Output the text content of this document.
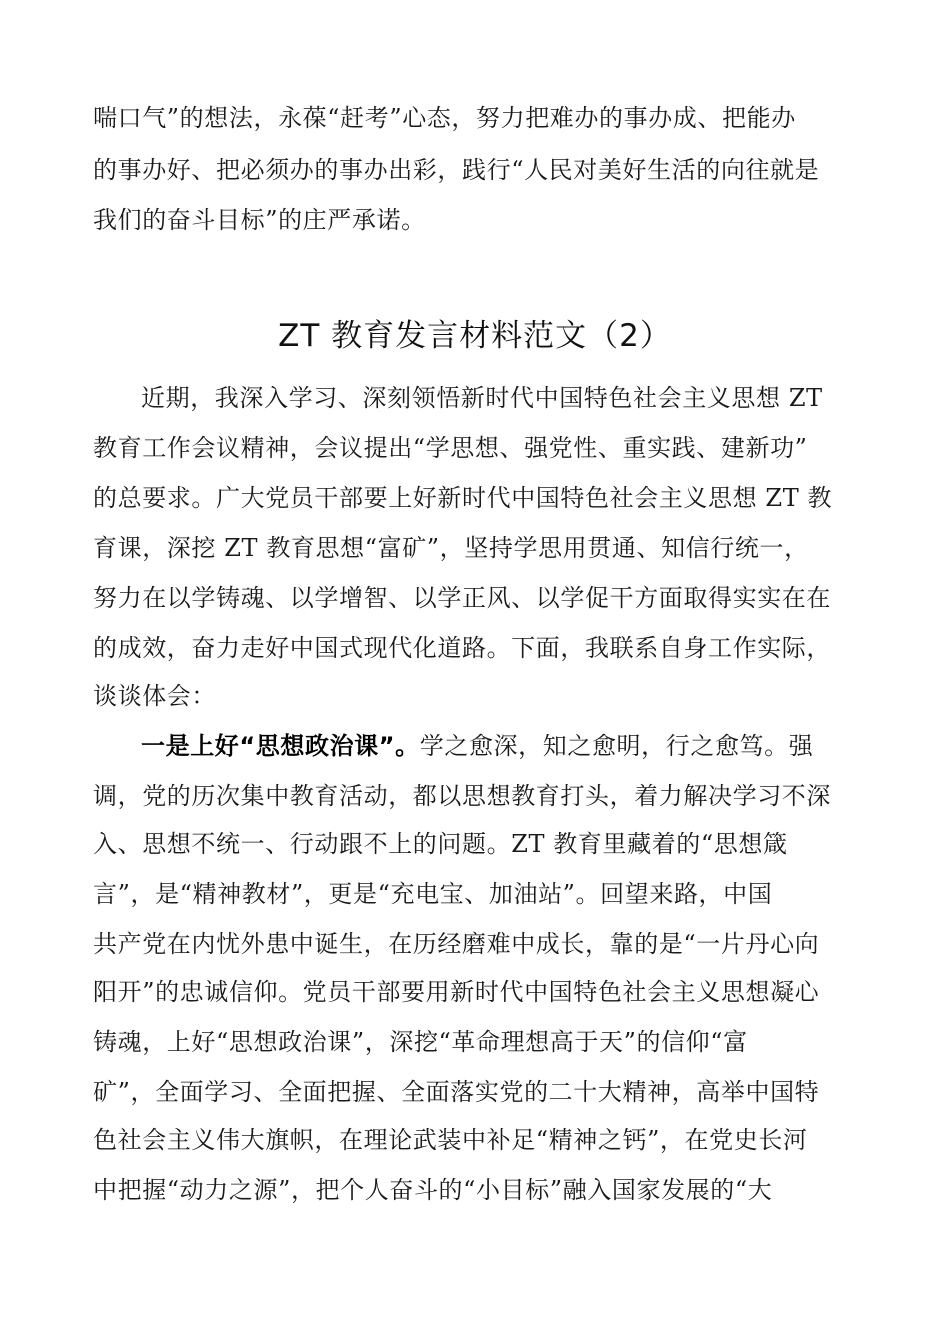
喘口气”的想法，永葆“赶考”心态，努力把难办的事办成、把能办
的事办好、把必须办的事办出彩，践行“人民对美好生活的向往就是
我们的奋斗目标”的庄严承诺。
ZT 教育发言材料范文（2）
近期，我深入学习、深刻领悟新时代中国特色社会主义思想 ZT
教育工作会议精神，会议提出“学思想、强党性、重实践、建新功”
的总要求。广大党员干部要上好新时代中国特色社会主义思想 ZT 教
育课，深挖 ZT 教育思想“富矿”，坚持学思用贯通、知信行统一，
努力在以学铸魂、以学增智、以学正风、以学促干方面取得实实在在
的成效，奋力走好中国式现代化道路。下面，我联系自身工作实际，
谈谈体会：
一是上好“思想政治课”。学之愈深，知之愈明，行之愈笃。强
调，党的历次集中教育活动，都以思想教育打头，着力解决学习不深
入、思想不统一、行动跟不上的问题。ZT 教育里藏着的“思想箴
言”，是“精神教材”，更是“充电宝、加油站”。回望来路，中国
共产党在内忧外患中诞生，在历经磨难中成长，靠的是“一片丹心向
阳开”的忠诚信仰。党员干部要用新时代中国特色社会主义思想凝心
铸魂，上好“思想政治课”，深挖“革命理想高于天”的信仰“富
矿”，全面学习、全面把握、全面落实党的二十大精神，高举中国特
色社会主义伟大旗帜，在理论武装中补足“精神之钙”，在党史长河
中把握“动力之源”，把个人奋斗的“小目标”融入国家发展的“大
